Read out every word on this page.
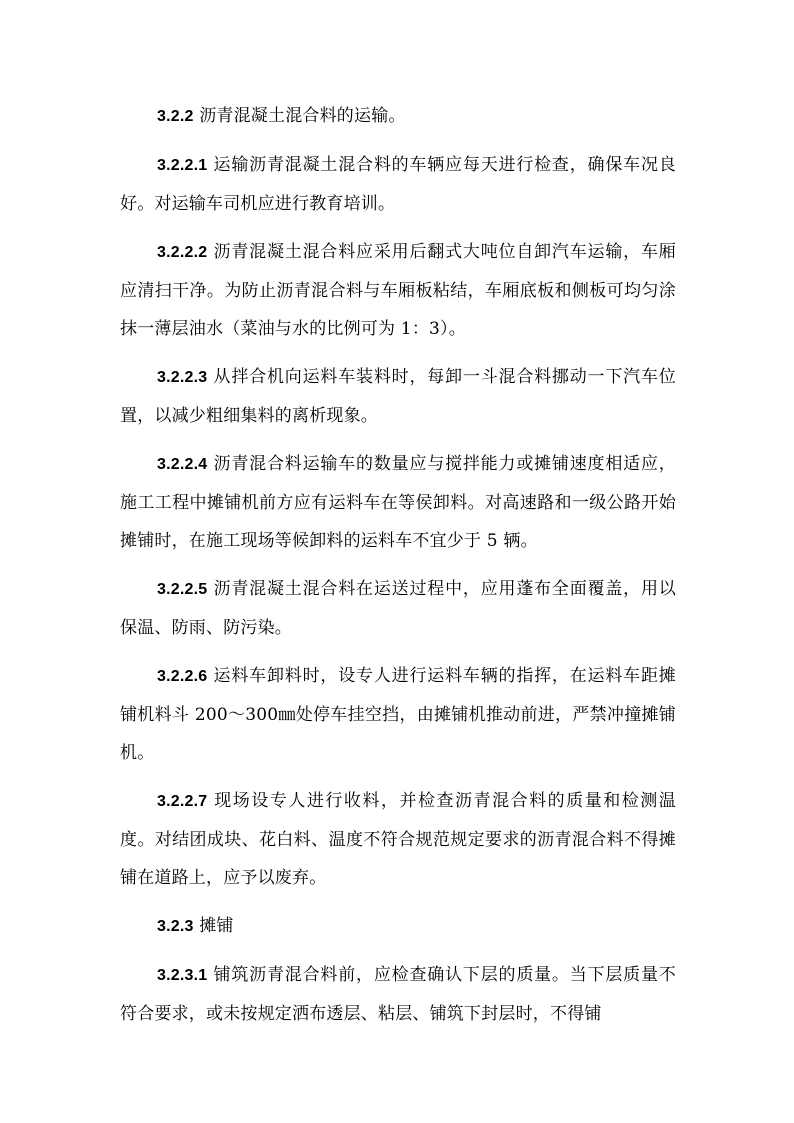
3.2.2 沥青混凝土混合料的运输。

3.2.2.1 运输沥青混凝土混合料的车辆应每天进行检查，确保车况良好。对运输车司机应进行教育培训。

3.2.2.2 沥青混凝土混合料应采用后翻式大吨位自卸汽车运输，车厢应清扫干净。为防止沥青混合料与车厢板粘结，车厢底板和侧板可均匀涂抹一薄层油水（菜油与水的比例可为 1：3）。

3.2.2.3 从拌合机向运料车装料时，每卸一斗混合料挪动一下汽车位置，以减少粗细集料的离析现象。

3.2.2.4 沥青混合料运输车的数量应与搅拌能力或摊铺速度相适应，施工工程中摊铺机前方应有运料车在等侯卸料。对高速路和一级公路开始摊铺时，在施工现场等候卸料的运料车不宜少于 5 辆。

3.2.2.5 沥青混凝土混合料在运送过程中，应用蓬布全面覆盖，用以保温、防雨、防污染。

3.2.2.6 运料车卸料时，设专人进行运料车辆的指挥，在运料车距摊铺机料斗 200～300㎜处停车挂空挡，由摊铺机推动前进，严禁冲撞摊铺机。

3.2.2.7 现场设专人进行收料，并检查沥青混合料的质量和检测温度。对结团成块、花白料、温度不符合规范规定要求的沥青混合料不得摊铺在道路上，应予以废弃。

3.2.3 摊铺

3.2.3.1 铺筑沥青混合料前，应检查确认下层的质量。当下层质量不符合要求，或未按规定洒布透层、粘层、铺筑下封层时，不得铺
